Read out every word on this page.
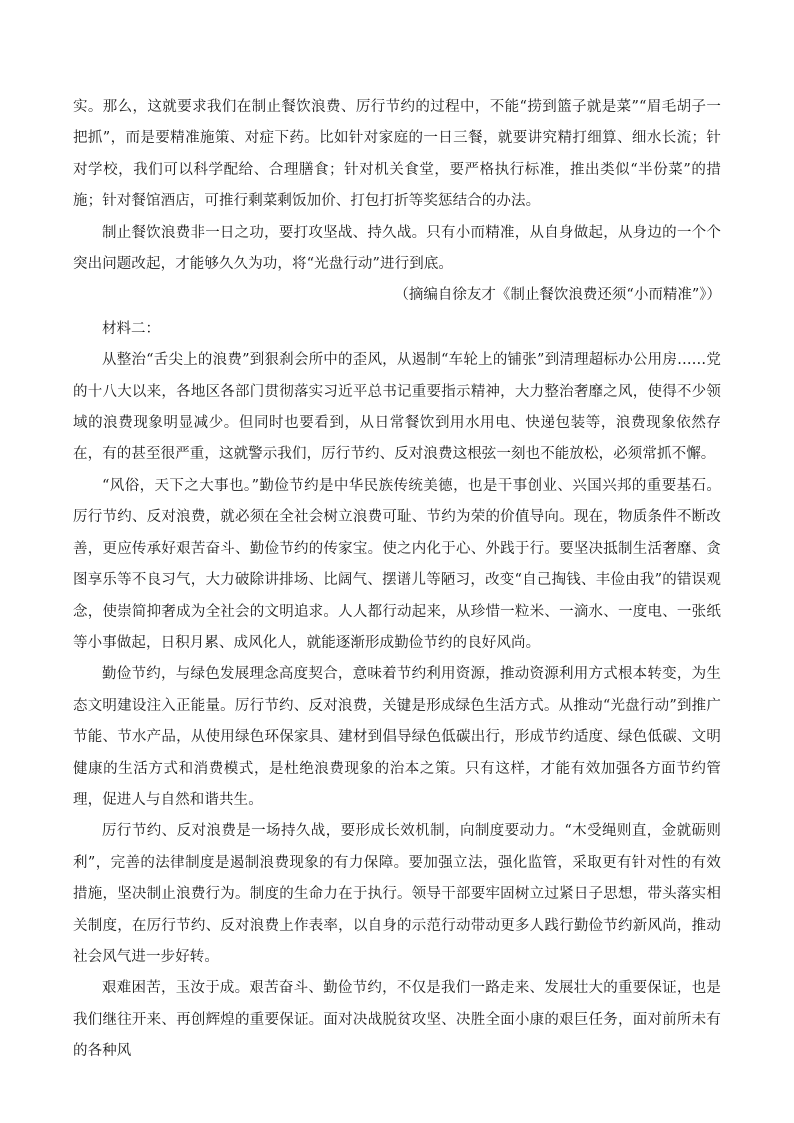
实。那么，这就要求我们在制止餐饮浪费、厉行节约的过程中，不能“捞到篮子就是菜”“眉毛胡子一把抓”，而是要精准施策、对症下药。比如针对家庭的一日三餐，就要讲究精打细算、细水长流；针对学校，我们可以科学配给、合理膳食；针对机关食堂，要严格执行标准，推出类似“半份菜”的措施；针对餐馆酒店，可推行剩菜剩饭加价、打包打折等奖惩结合的办法。

制止餐饮浪费非一日之功，要打攻坚战、持久战。只有小而精准，从自身做起，从身边的一个个突出问题改起，才能够久久为功，将“光盘行动”进行到底。

（摘编自徐友才《制止餐饮浪费还须“小而精准”》）

材料二：

从整治“舌尖上的浪费”到狠刹会所中的歪风，从遏制“车轮上的铺张”到清理超标办公用房……党的十八大以来，各地区各部门贯彻落实习近平总书记重要指示精神，大力整治奢靡之风，使得不少领域的浪费现象明显减少。但同时也要看到，从日常餐饮到用水用电、快递包装等，浪费现象依然存在，有的甚至很严重，这就警示我们，厉行节约、反对浪费这根弦一刻也不能放松，必须常抓不懈。

“风俗，天下之大事也。”勤俭节约是中华民族传统美德，也是干事创业、兴国兴邦的重要基石。厉行节约、反对浪费，就必须在全社会树立浪费可耻、节约为荣的价值导向。现在，物质条件不断改善，更应传承好艰苦奋斗、勤俭节约的传家宝。使之内化于心、外践于行。要坚决抵制生活奢靡、贪图享乐等不良习气，大力破除讲排场、比阔气、摆谱儿等陋习，改变“自己掏钱、丰俭由我”的错误观念，使崇简抑奢成为全社会的文明追求。人人都行动起来，从珍惜一粒米、一滴水、一度电、一张纸等小事做起，日积月累、成风化人，就能逐渐形成勤俭节约的良好风尚。

勤俭节约，与绿色发展理念高度契合，意味着节约利用资源，推动资源利用方式根本转变，为生态文明建设注入正能量。厉行节约、反对浪费，关键是形成绿色生活方式。从推动“光盘行动”到推广节能、节水产品，从使用绿色环保家具、建材到倡导绿色低碳出行，形成节约适度、绿色低碳、文明健康的生活方式和消费模式，是杜绝浪费现象的治本之策。只有这样，才能有效加强各方面节约管理，促进人与自然和谐共生。

厉行节约、反对浪费是一场持久战，要形成长效机制，向制度要动力。“木受绳则直，金就砺则利”，完善的法律制度是遏制浪费现象的有力保障。要加强立法，强化监管，采取更有针对性的有效措施，坚决制止浪费行为。制度的生命力在于执行。领导干部要牢固树立过紧日子思想，带头落实相关制度，在厉行节约、反对浪费上作表率，以自身的示范行动带动更多人践行勤俭节约新风尚，推动社会风气进一步好转。

艰难困苦，玉汝于成。艰苦奋斗、勤俭节约，不仅是我们一路走来、发展壮大的重要保证，也是我们继往开来、再创辉煌的重要保证。面对决战脱贫攻坚、决胜全面小康的艰巨任务，面对前所未有的各种风
